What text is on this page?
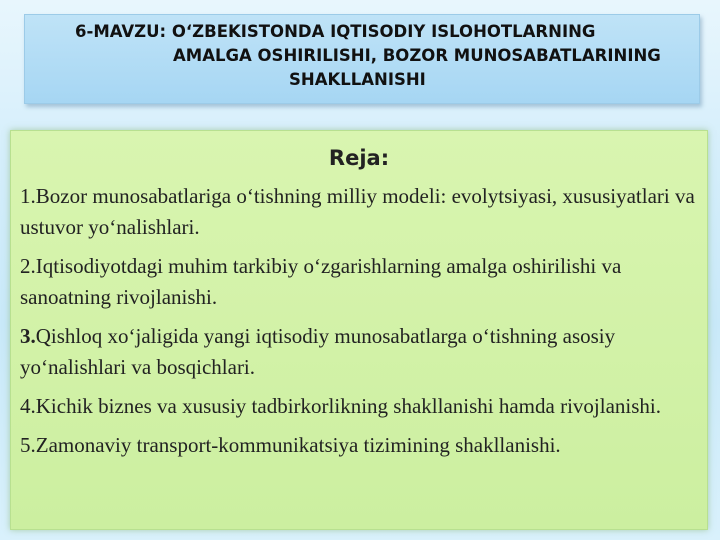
6-MAVZU: O‘ZBEKISTONDA IQTISODIY ISLOHOTLARNING
AMALGA OSHIRILISHI, BOZOR MUNOSABATLARINING
SHAKLLANISHI
Reja:
1.Bozor munosabatlariga o‘tishning milliy modeli: evolytsiyasi, xususiyatlari va ustuvor yo‘nalishlari.
2.Iqtisodiyotdagi muhim tarkibiy o‘zgarishlarning amalga oshirilishi va sanoatning rivojlanishi.
3.Qishloq xo‘jaligida yangi iqtisodiy munosabatlarga o‘tishning asosiy yo‘nalishlari va bosqichlari.
4.Kichik biznes va xususiy tadbirkorlikning shakllanishi hamda rivojlanishi.
5.Zamonaviy transport-kommunikatsiya tizimining shakllanishi.
